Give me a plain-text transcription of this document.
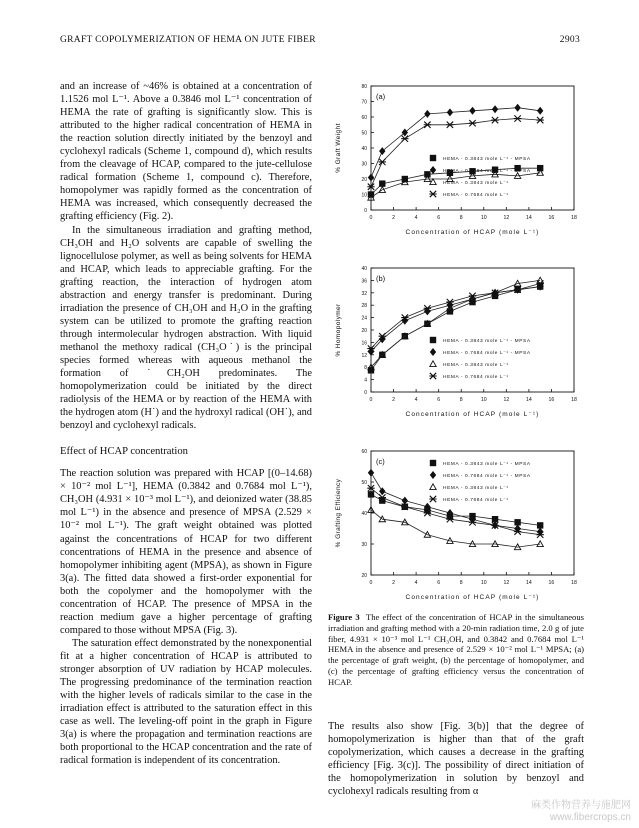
GRAFT COPOLYMERIZATION OF HEMA ON JUTE FIBER	2903

and an increase of ~46% is obtained at a concentration of 1.1526 mol L⁻¹. Above a 0.3846 mol L⁻¹ concentration of HEMA the rate of grafting is significantly slow. This is attributed to the higher radical concentration of HEMA in the reaction solution directly initiated by the benzoyl and cyclohexyl radicals (Scheme 1, compound d), which results from the cleavage of HCAP, compared to the jute-cellulose radical formation (Scheme 1, compound c). Therefore, homopolymer was rapidly formed as the concentration of HEMA was increased, which consequently decreased the grafting efficiency (Fig. 2).

In the simultaneous irradiation and grafting method, CH₃OH and H₂O solvents are capable of swelling the lignocellulose polymer, as well as being solvents for HEMA and HCAP, which leads to appreciable grafting. For the grafting reaction, the interaction of hydrogen atom abstraction and energy transfer is predominant. During irradiation the presence of CH₃OH and H₂O in the grafting system can be utilized to promote the grafting reaction through intermolecular hydrogen abstraction. With liquid methanol the methoxy radical (CH₃O˙) is the principal species formed whereas with aqueous methanol the formation of ˙CH₂OH predominates. The homopolymerization could be initiated by the direct radiolysis of the HEMA or by reaction of the HEMA with the hydrogen atom (H˙) and the hydroxyl radical (OH˙), and benzoyl and cyclohexyl radicals.

Effect of HCAP concentration

The reaction solution was prepared with HCAP [(0–14.68) × 10⁻² mol L⁻¹], HEMA (0.3842 and 0.7684 mol L⁻¹), CH₃OH (4.931 × 10⁻³ mol L⁻¹), and deionized water (38.85 mol L⁻¹) in the absence and presence of MPSA (2.529 × 10⁻² mol L⁻¹). The graft weight obtained was plotted against the concentrations of HCAP for two different concentrations of HEMA in the presence and absence of homopolymer inhibiting agent (MPSA), as shown in Figure 3(a). The fitted data showed a first-order exponential for both the copolymer and the homopolymer with the concentration of HCAP. The presence of MPSA in the reaction medium gave a higher percentage of grafting compared to those without MPSA (Fig. 3).

The saturation effect demonstrated by the nonexponential fit at a higher concentration of HCAP is attributed to stronger absorption of UV radiation by HCAP molecules. The progressing predominance of the termination reaction with the higher levels of radicals similar to the case in the irradiation effect is attributed to the saturation effect in this case as well. The leveling-off point in the graph in Figure 3(a) is where the propagation and termination reactions are both proportional to the HCAP concentration and the rate of radical formation is independent of its concentration.

0
10
20
30
40
50
60
70
80
0	2	4	6	8	10	12	14	16	18
Concentration of HCAP (mole L⁻¹)
% Graft Weight
(a)
HEMA - 0.3843 mole L⁻¹ - MPSA
HEMA - 0.7684 mole L⁻¹ - MPSA
HEMA - 0.3843 mole L⁻¹
HEMA - 0.7684 mole L⁻¹
0
4
8
12
16
20
24
28
32
36
40
0	2	4	6	8	10	12	14	16	18
Concentration of HCAP (mole L⁻¹)
% Homopolymer
(b)
HEMA - 0.3843 mole L⁻¹ - MPSA
HEMA - 0.7684 mole L⁻¹ - MPSA
HEMA - 0.3843 mole L⁻¹
HEMA - 0.7684 mole L⁻¹
20
30
40
50
60
0	2	4	6	8	10	12	14	16	18
Concentration of HCAP (mole L⁻¹)
% Grafting Efficiency
(c)	HEMA - 0.3843 mole L⁻¹ - MPSA
HEMA - 0.7684 mole L⁻¹ - MPSA
HEMA - 0.3843 mole L⁻¹
HEMA - 0.7684 mole L⁻¹
Figure 3 The effect of the concentration of HCAP in the simultaneous irradiation and grafting method with a 20-min radiation time, 2.0 g of jute fiber, 4.931 × 10⁻³ mol L⁻¹ CH₃OH, and 0.3842 and 0.7684 mol L⁻¹ HEMA in the absence and presence of 2.529 × 10⁻² mol L⁻¹ MPSA; (a) the percentage of graft weight, (b) the percentage of homopolymer, and (c) the percentage of grafting efficiency versus the concentration of HCAP.

The results also show [Fig. 3(b)] that the degree of homopolymerization is higher than that of the graft copolymerization, which causes a decrease in the grafting efficiency [Fig. 3(c)]. The possibility of direct initiation of the homopolymerization in solution by benzoyl and cyclohexyl radicals resulting from α

麻类作物营养与施肥网
www.fibercrops.cn
